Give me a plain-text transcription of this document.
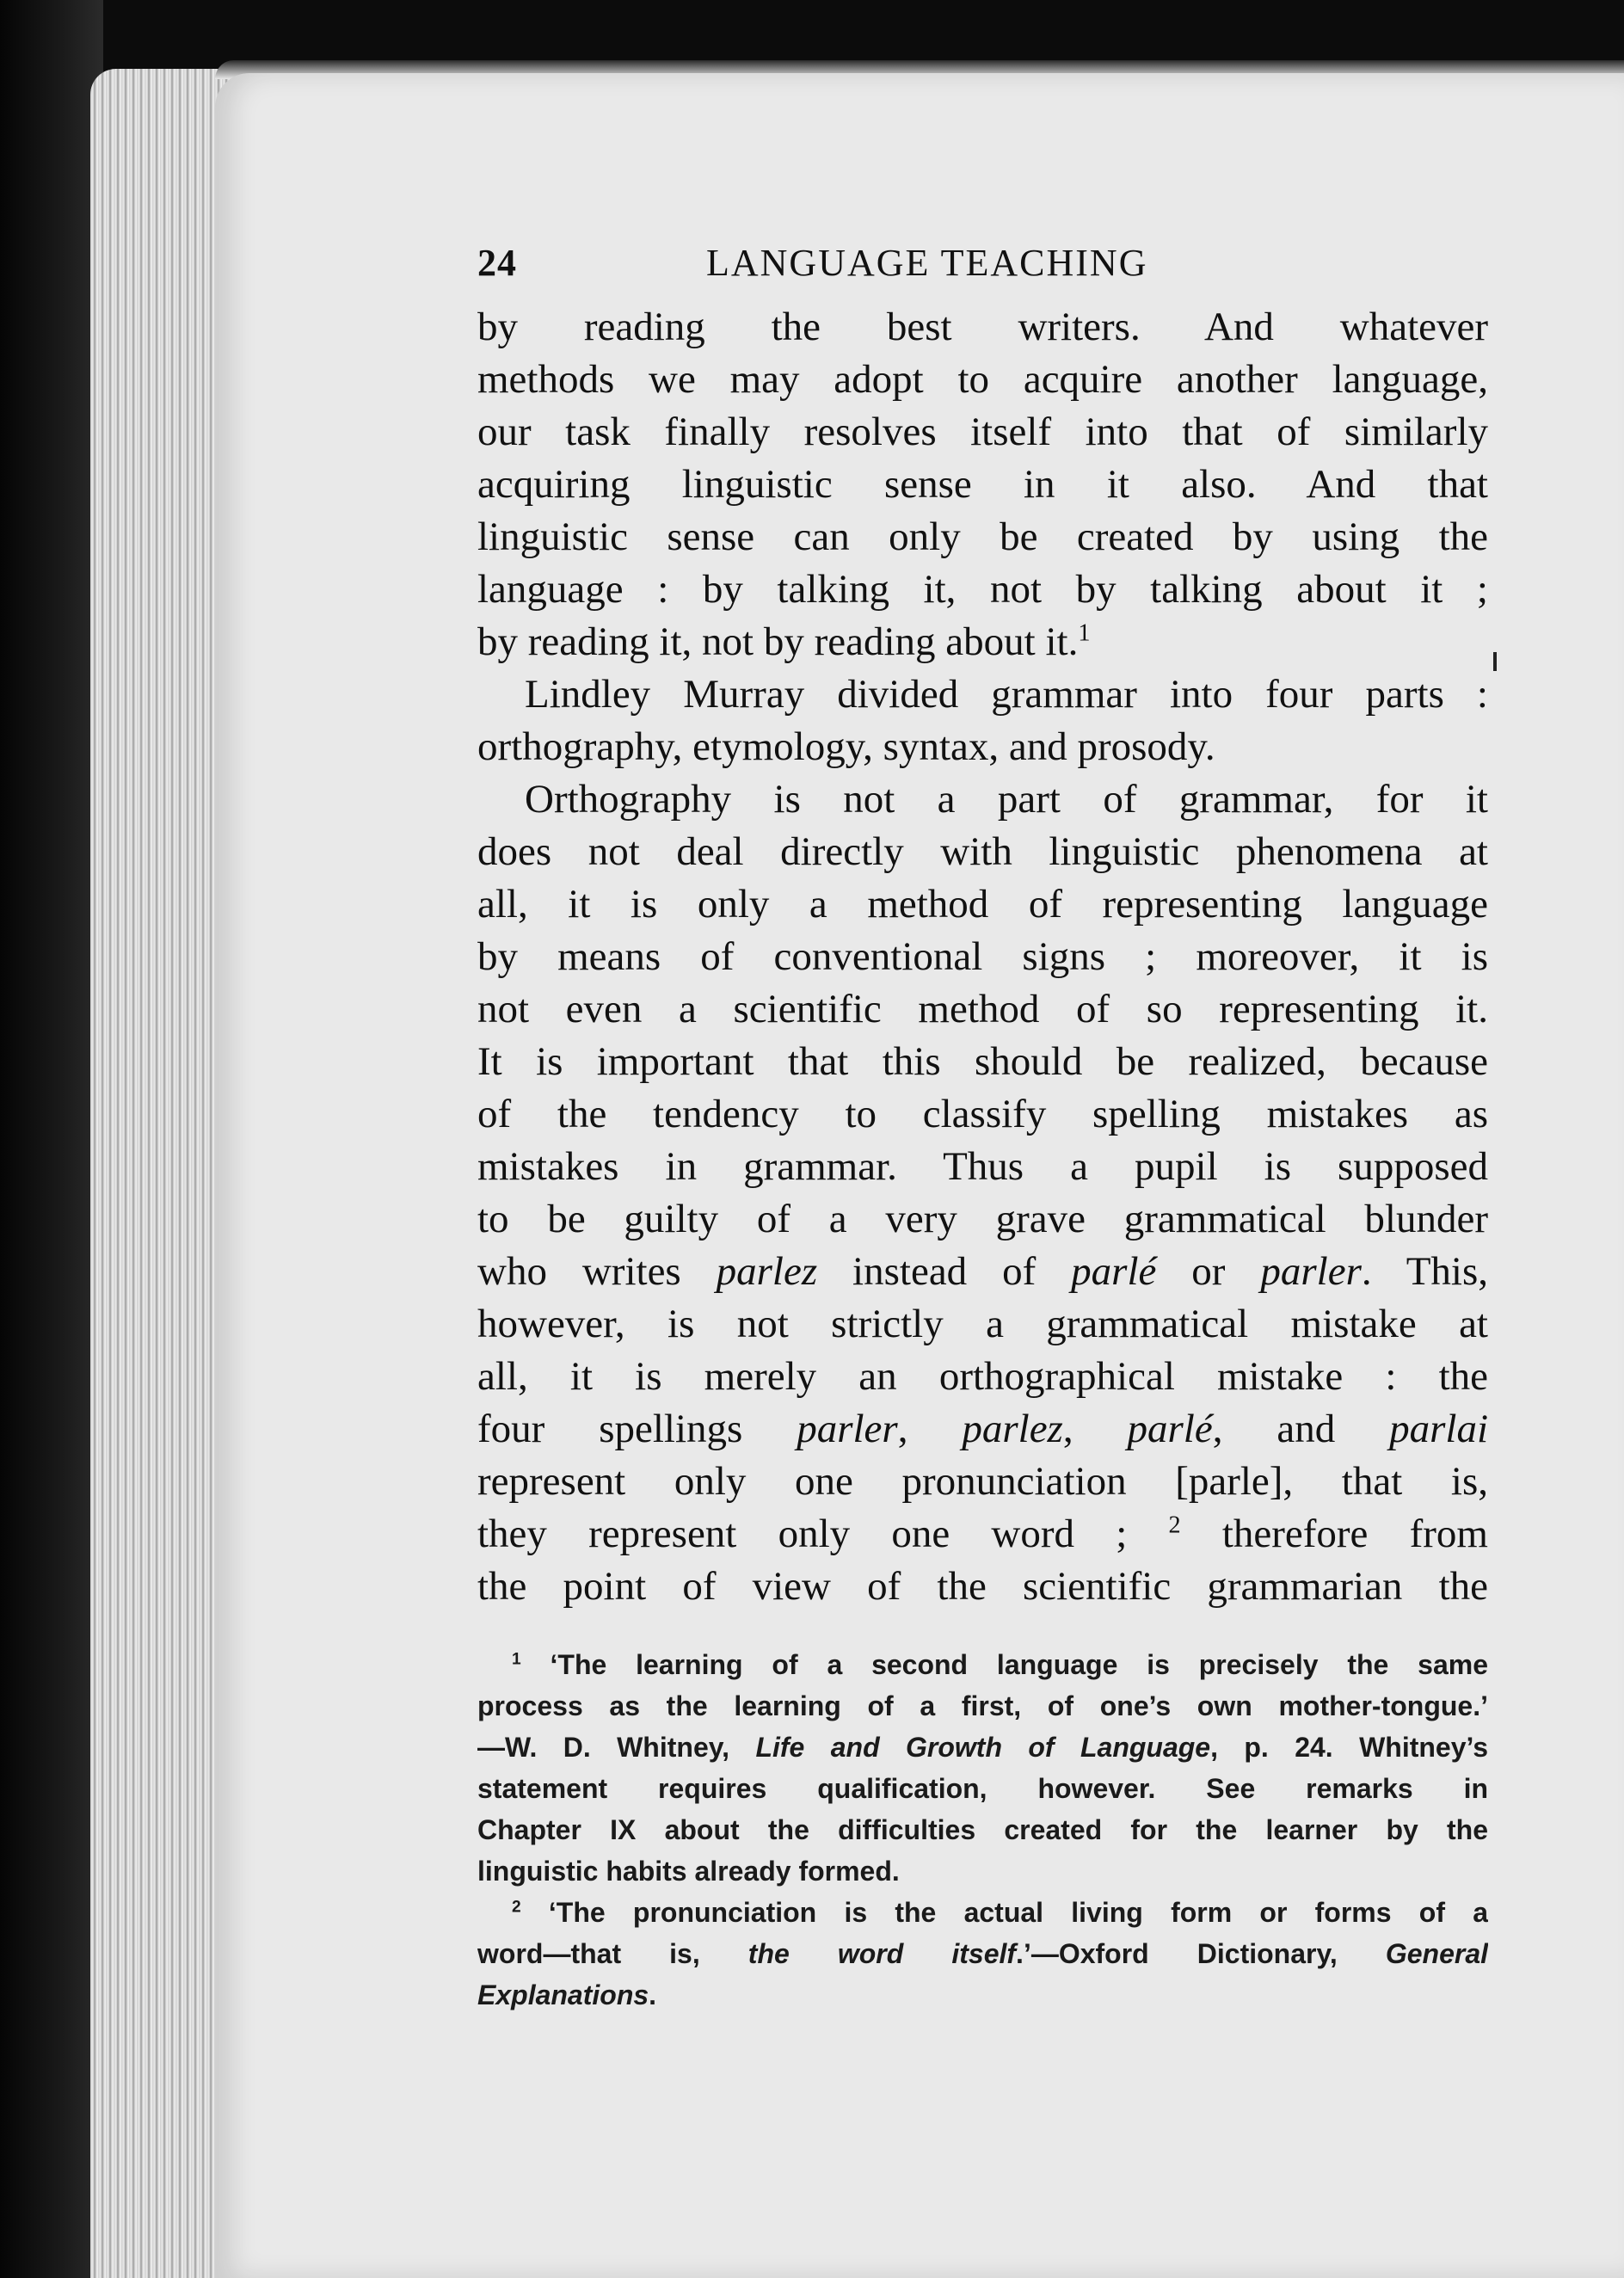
24	LANGUAGE TEACHING
by reading the best writers. And whatever
methods we may adopt to acquire another language,
our task finally resolves itself into that of similarly
acquiring linguistic sense in it also. And that
linguistic sense can only be created by using the
language : by talking it, not by talking about it ;
by reading it, not by reading about it.$^1$
Lindley Murray divided grammar into four parts :
orthography, etymology, syntax, and prosody.
Orthography is not a part of grammar, for it
does not deal directly with linguistic phenomena at
all, it is only a method of representing language
by means of conventional signs ; moreover, it is
not even a scientific method of so representing it.
It is important that this should be realized, because
of the tendency to classify spelling mistakes as
mistakes in grammar. Thus a pupil is supposed
to be guilty of a very grave grammatical blunder
who writes parlez instead of parlé or parler. This,
however, is not strictly a grammatical mistake at
all, it is merely an orthographical mistake : the
four spellings parler, parlez, parlé, and parlai
represent only one pronunciation [parle], that is,
they represent only one word ; $^2$ therefore from
the point of view of the scientific grammarian the
$^1$ ‘The learning of a second language is precisely the same
process as the learning of a first, of one’s own mother-tongue.’
—W. D. Whitney, Life and Growth of Language, p. 24. Whitney’s
statement requires qualification, however. See remarks in
Chapter IX about the difficulties created for the learner by the
linguistic habits already formed.
$^2$ ‘The pronunciation is the actual living form or forms of a
word—that is, the word itself.’—Oxford Dictionary, General
Explanations.
